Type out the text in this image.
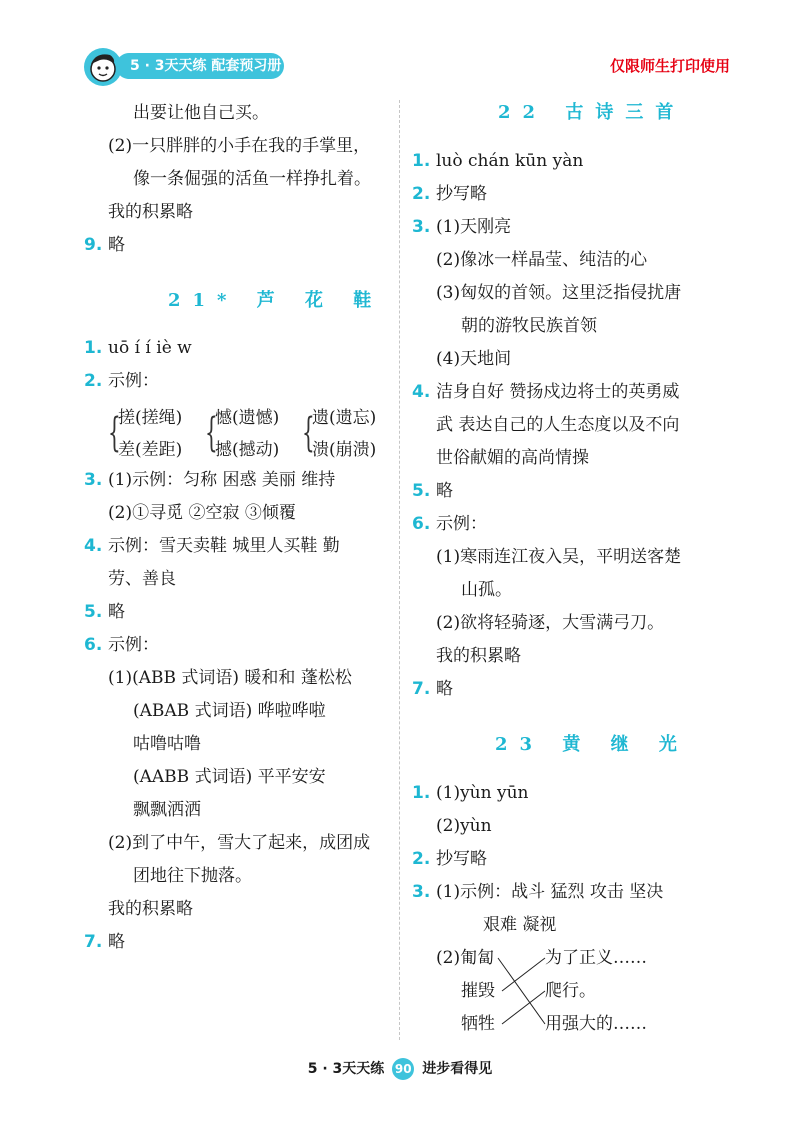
5 · 3天天练 配套预习册	仅限师生打印使用
出要让他自己买。
(2)一只胖胖的小手在我的手掌里，
像一条倔强的活鱼一样挣扎着。
我的积累略
9. 略
21* 芦 花 鞋
1. uō í í iè w
2. 示例：
{
搓(搓绳)
差(差距) {
憾(遗憾)
撼(撼动) {
遗(遗忘)
溃(崩溃)
3. (1)示例：匀称 困惑 美丽 维持
(2)①寻觅 ②空寂 ③倾覆
4. 示例：雪天卖鞋 城里人买鞋 勤
劳、善良
5. 略
6. 示例：
(1)(ABB 式词语) 暖和和 蓬松松
(ABAB 式词语) 哗啦哗啦
咕噜咕噜
(AABB 式词语) 平平安安
飘飘洒洒
(2)到了中午，雪大了起来，成团成
团地往下抛落。
我的积累略
7. 略
22 古诗三首
1. luò chán kūn yàn
2. 抄写略
3. (1)天刚亮
(2)像冰一样晶莹、纯洁的心
(3)匈奴的首领。这里泛指侵扰唐
朝的游牧民族首领
(4)天地间
4. 洁身自好 赞扬戍边将士的英勇威
武 表达自己的人生态度以及不向
世俗献媚的高尚情操
5. 略
6. 示例：
(1)寒雨连江夜入吴，平明送客楚
山孤。
(2)欲将轻骑逐，大雪满弓刀。
我的积累略
7. 略
23 黄 继 光
1. (1)yùn yūn
(2)yùn
2. 抄写略
3. (1)示例：战斗 猛烈 攻击 坚决
艰难 凝视
(2)匍匐
摧毁
牺牲
为了正义……
爬行。
用强大的……
5 · 3天天练 90 进步看得见
